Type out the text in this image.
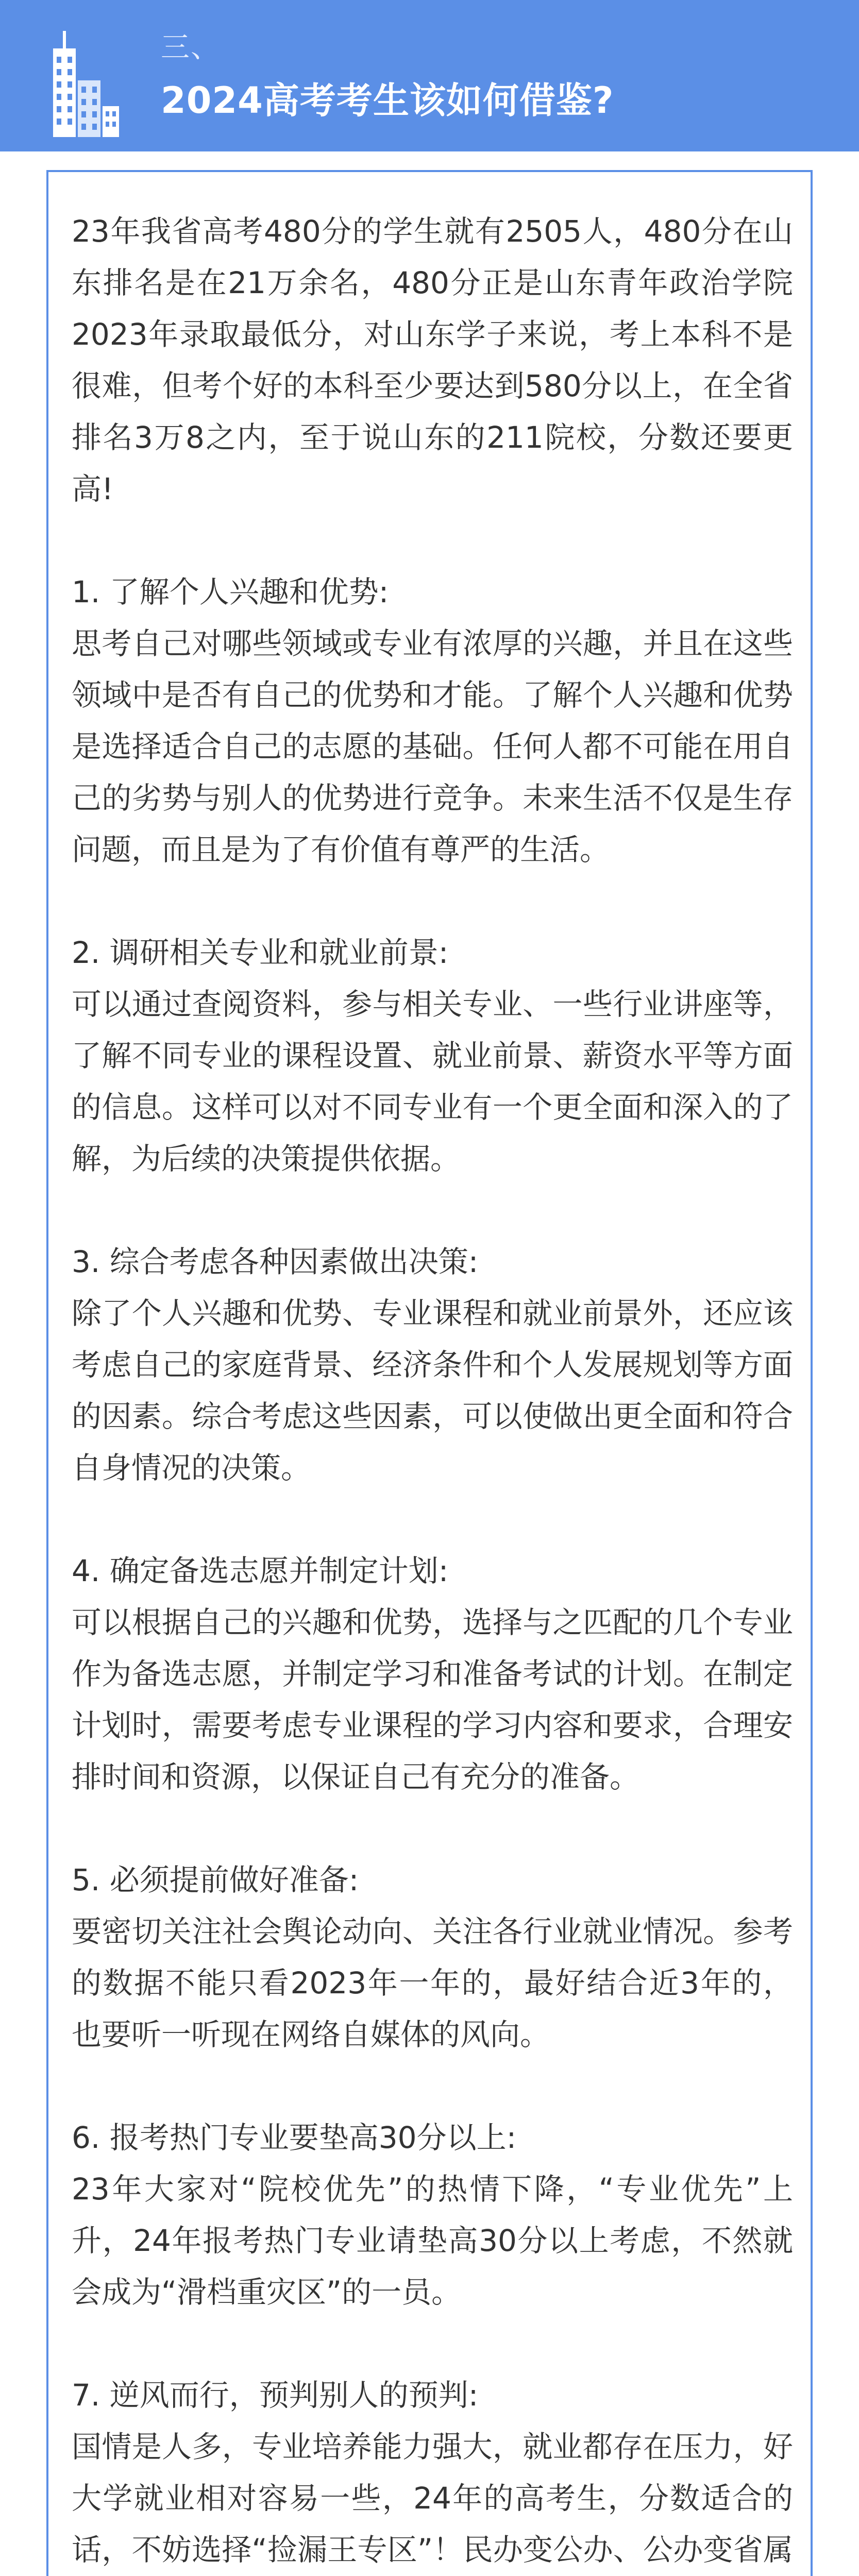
三、
2024高考考生该如何借鉴?

23年我省高考480分的学生就有2505人，480分在山东排名是在21万余名，480分正是山东青年政治学院2023年录取最低分，对山东学子来说，考上本科不是很难，但考个好的本科至少要达到580分以上，在全省排名3万8之内，至于说山东的211院校，分数还要更高!

1. 了解个人兴趣和优势:

思考自己对哪些领域或专业有浓厚的兴趣，并且在这些领域中是否有自己的优势和才能。了解个人兴趣和优势是选择适合自己的志愿的基础。任何人都不可能在用自己的劣势与别人的优势进行竞争。未来生活不仅是生存问题，而且是为了有价值有尊严的生活。

2. 调研相关专业和就业前景:

可以通过查阅资料，参与相关专业、一些行业讲座等，了解不同专业的课程设置、就业前景、薪资水平等方面的信息。这样可以对不同专业有一个更全面和深入的了解，为后续的决策提供依据。

3. 综合考虑各种因素做出决策:

除了个人兴趣和优势、专业课程和就业前景外，还应该考虑自己的家庭背景、经济条件和个人发展规划等方面的因素。综合考虑这些因素，可以使做出更全面和符合自身情况的决策。

4. 确定备选志愿并制定计划:

可以根据自己的兴趣和优势，选择与之匹配的几个专业作为备选志愿，并制定学习和准备考试的计划。在制定计划时，需要考虑专业课程的学习内容和要求，合理安排时间和资源，以保证自己有充分的准备。

5. 必须提前做好准备:

要密切关注社会舆论动向、关注各行业就业情况。参考的数据不能只看2023年一年的，最好结合近3年的，也要听一听现在网络自媒体的风向。

6. 报考热门专业要垫高30分以上:

23年大家对“院校优先”的热情下降，“专业优先”上升，24年报考热门专业请垫高30分以上考虑，不然就会成为“滑档重灾区”的一员。

7. 逆风而行，预判别人的预判:

国情是人多，专业培养能力强大，就业都存在压力，好大学就业相对容易一些，24年的高考生，分数适合的话，不妨选择“捡漏王专区”！民办变公办、公办变省属
